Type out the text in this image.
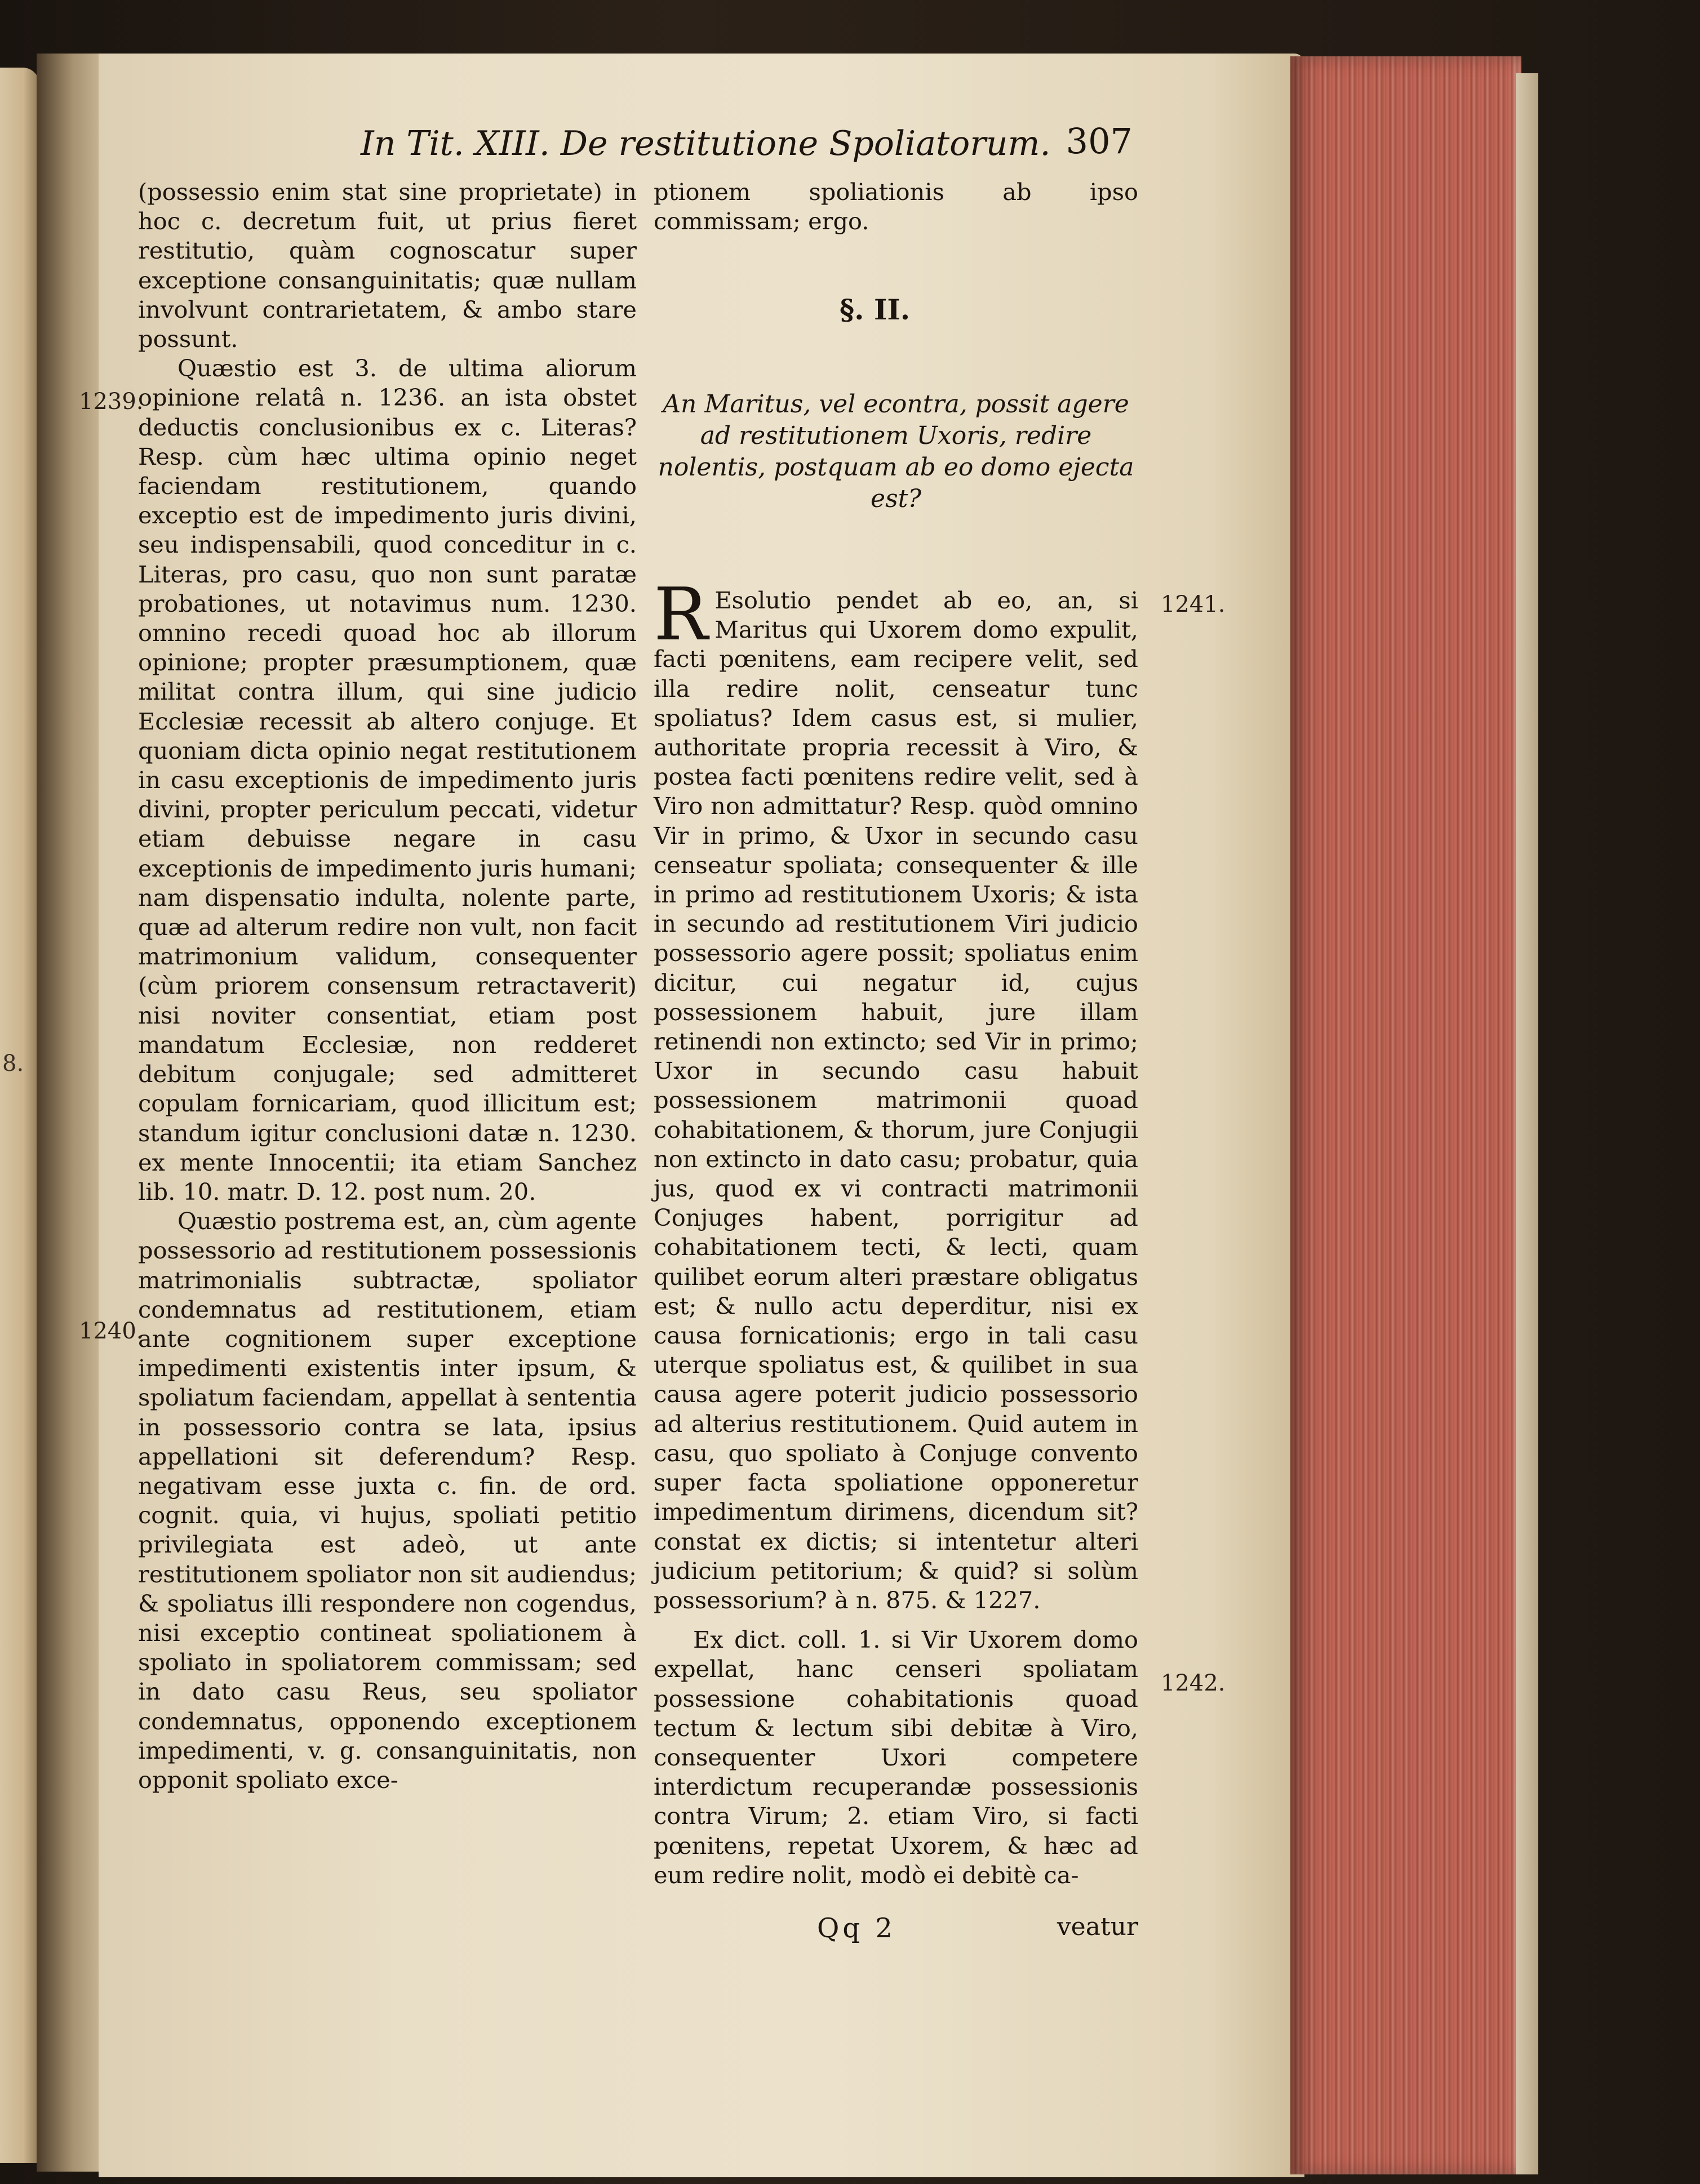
8.
In Tit. XIII. De restitutione Spoliatorum. 307

(possessio enim stat sine proprietate) in hoc c. decretum fuit, ut prius fieret restitutio, quàm cognoscatur super exceptione consanguinitatis; quæ nullam involvunt contrarietatem, & ambo stare possunt.

Quæstio est 3. de ultima aliorum opinione relatâ n. 1236. an ista obstet deductis conclusionibus ex c. Literas? Resp. cùm hæc ultima opinio neget faciendam restitutionem, quando exceptio est de impedimento juris divini, seu indispensabili, quod conceditur in c. Literas, pro casu, quo non sunt paratæ probationes, ut notavimus num. 1230. omnino recedi quoad hoc ab illorum opinione; propter præsumptionem, quæ militat contra illum, qui sine judicio Ecclesiæ recessit ab altero conjuge. Et quoniam dicta opinio negat restitutionem in casu exceptionis de impedimento juris divini, propter periculum peccati, videtur etiam debuisse negare in casu exceptionis de impedimento juris humani; nam dispensatio indulta, nolente parte, quæ ad alterum redire non vult, non facit matrimonium validum, consequenter (cùm priorem consensum retractaverit) nisi noviter consentiat, etiam post mandatum Ecclesiæ, non redderet debitum conjugale; sed admitteret copulam fornicariam, quod illicitum est; standum igitur conclusioni datæ n. 1230. ex mente Innocentii; ita etiam Sanchez lib. 10. matr. D. 12. post num. 20.

Quæstio postrema est, an, cùm agente possessorio ad restitutionem possessionis matrimonialis subtractæ, spoliator condemnatus ad restitutionem, etiam ante cognitionem super exceptione impedimenti existentis inter ipsum, & spoliatum faciendam, appellat à sententia in possessorio contra se lata, ipsius appellationi sit deferendum? Resp. negativam esse juxta c. fin. de ord. cognit. quia, vi hujus, spoliati petitio privilegiata est adeò, ut ante restitutionem spoliator non sit audiendus; & spoliatus illi respondere non cogendus, nisi exceptio contineat spoliationem à spoliato in spoliatorem commissam; sed in dato casu Reus, seu spoliator condemnatus, opponendo exceptionem impedimenti, v. g. consanguinitatis, non opponit spoliato exce-

1239.
1240.

ptionem spoliationis ab ipso commissam; ergo.

§. II.
An Maritus, vel econtra, possit agere ad restitutionem Uxoris, redire nolentis, postquam ab eo domo ejecta est?

R Esolutio pendet ab eo, an, si Maritus qui Uxorem domo expulit, facti pœnitens, eam recipere velit, sed illa redire nolit, censeatur tunc spoliatus? Idem casus est, si mulier, authoritate propria recessit à Viro, & postea facti pœnitens redire velit, sed à Viro non admittatur? Resp. quòd omnino Vir in primo, & Uxor in secundo casu censeatur spoliata; consequenter & ille in primo ad restitutionem Uxoris; & ista in secundo ad restitutionem Viri judicio possessorio agere possit; spoliatus enim dicitur, cui negatur id, cujus possessionem habuit, jure illam retinendi non extincto; sed Vir in primo; Uxor in secundo casu habuit possessionem matrimonii quoad cohabitationem, & thorum, jure Conjugii non extincto in dato casu; probatur, quia jus, quod ex vi contracti matrimonii Conjuges habent, porrigitur ad cohabitationem tecti, & lecti, quam quilibet eorum alteri præstare obligatus est; & nullo actu deperditur, nisi ex causa fornicationis; ergo in tali casu uterque spoliatus est, & quilibet in sua causa agere poterit judicio possessorio ad alterius restitutionem. Quid autem in casu, quo spoliato à Conjuge convento super facta spoliatione opponeretur impedimentum dirimens, dicendum sit? constat ex dictis; si intentetur alteri judicium petitorium; & quid? si solùm possessorium? à n. 875. & 1227.

Ex dict. coll. 1. si Vir Uxorem domo expellat, hanc censeri spoliatam possessione cohabitationis quoad tectum & lectum sibi debitæ à Viro, consequenter Uxori competere interdictum recuperandæ possessionis contra Virum; 2. etiam Viro, si facti pœnitens, repetat Uxorem, & hæc ad eum redire nolit, modò ei debitè ca-

1241.
1242.
Qq 2	veatur
